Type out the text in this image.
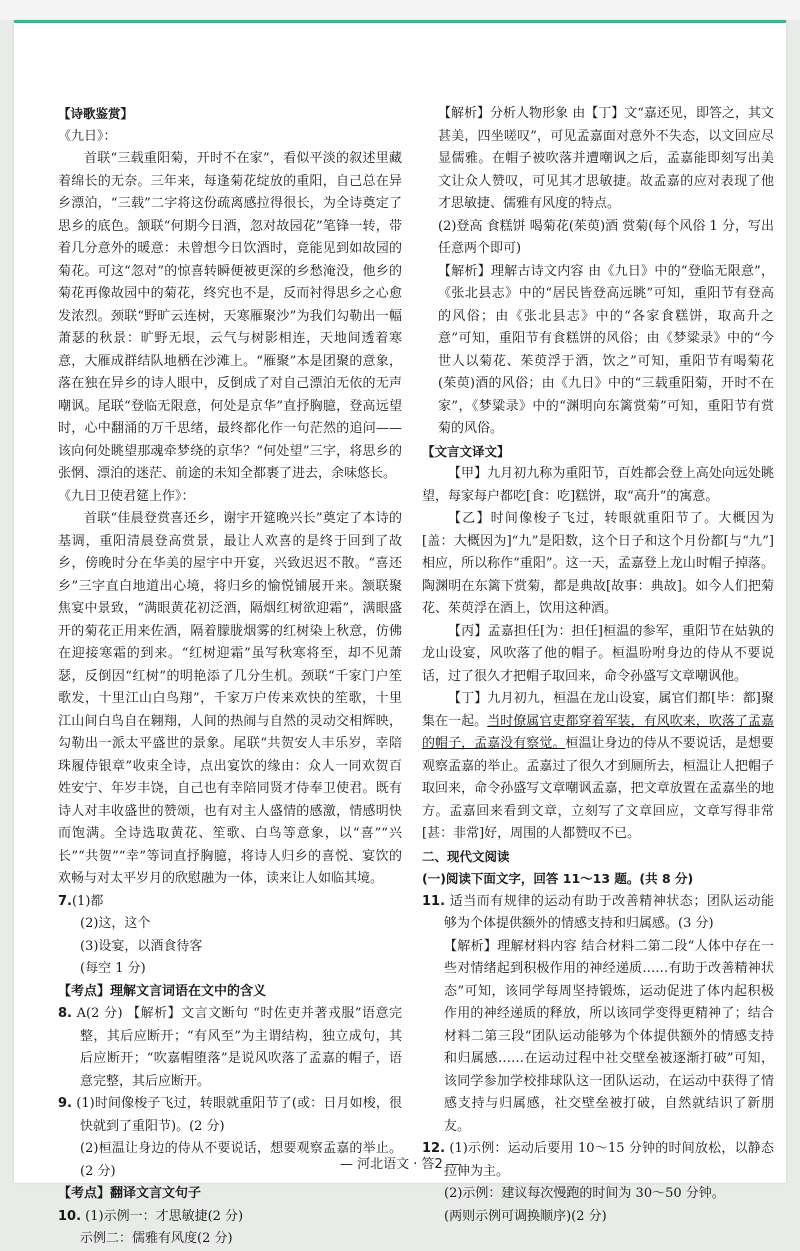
【诗歌鉴赏】

《九日》：

首联“三载重阳菊，开时不在家”，看似平淡的叙述里藏着绵长的无奈。三年来，每逢菊花绽放的重阳，自己总在异乡漂泊，“三载”二字将这份疏离感拉得很长，为全诗奠定了思乡的底色。颔联“何期今日酒，忽对故园花”笔锋一转，带着几分意外的暖意：未曾想今日饮酒时，竟能见到如故园的菊花。可这“忽对”的惊喜转瞬便被更深的乡愁淹没，他乡的菊花再像故园中的菊花，终究也不是，反而衬得思乡之心愈发浓烈。颈联“野旷云连树，天寒雁聚沙”为我们勾勒出一幅萧瑟的秋景：旷野无垠，云气与树影相连，天地间透着寒意，大雁成群结队地栖在沙滩上。“雁聚”本是团聚的意象，落在独在异乡的诗人眼中，反倒成了对自己漂泊无依的无声嘲讽。尾联“登临无限意，何处是京华”直抒胸臆，登高远望时，心中翻涌的万千思绪，最终都化作一句茫然的追问——该向何处眺望那魂牵梦绕的京华？“何处望”三字，将思乡的张惘、漂泊的迷茫、前途的未知全都裹了进去，余味悠长。

《九日卫使君筵上作》：

首联“佳晨登赏喜还乡，谢宇开筵晚兴长”奠定了本诗的基调，重阳清晨登高赏景，最让人欢喜的是终于回到了故乡，傍晚时分在华美的屋宇中开宴，兴致迟迟不散。“喜还乡”三字直白地道出心境，将归乡的愉悦铺展开来。颔联聚焦宴中景致，“满眼黄花初泛酒，隔烟红树欲迎霜”，满眼盛开的菊花正用来佐酒，隔着朦胧烟雾的红树染上秋意，仿佛在迎接寒霜的到来。“红树迎霜”虽写秋寒将至，却不见萧瑟，反倒因“红树”的明艳添了几分生机。颈联“千家门户笙歌发，十里江山白鸟翔”，千家万户传来欢快的笙歌，十里江山间白鸟自在翱翔，人间的热闹与自然的灵动交相辉映，勾勒出一派太平盛世的景象。尾联“共贺安人丰乐岁，幸陪珠履侍银章”收束全诗，点出宴饮的缘由：众人一同欢贺百姓安宁、年岁丰饶，自己也有幸陪同贤才侍奉卫使君。既有诗人对丰收盛世的赞颂，也有对主人盛情的感激，情感明快而饱满。全诗选取黄花、笙歌、白鸟等意象，以“喜”“兴长”“共贺”“幸”等词直抒胸臆，将诗人归乡的喜悦、宴饮的欢畅与对太平岁月的欣慰融为一体，读来让人如临其境。

7.(1)都

(2)这，这个

(3)设宴，以酒食待客

(每空 1 分)

【考点】理解文言词语在文中的含义

8. A(2 分) 【解析】文言文断句 “时佐吏并著戎服”语意完整，其后应断开；“有风至”为主谓结构，独立成句，其后应断开；“吹嘉帽堕落”是说风吹落了孟嘉的帽子，语意完整，其后应断开。

9. (1)时间像梭子飞过，转眼就重阳节了(或：日月如梭，很快就到了重阳节)。(2 分)

(2)桓温让身边的侍从不要说话，想要观察孟嘉的举止。(2 分)

【考点】翻译文言文句子

10. (1)示例一：才思敏捷(2 分)

示例二：儒雅有风度(2 分)

【解析】分析人物形象 由【丁】文“嘉还见，即答之，其文甚美，四坐嗟叹”，可见孟嘉面对意外不失态，以文回应尽显儒雅。在帽子被吹落并遭嘲讽之后，孟嘉能即刻写出美文让众人赞叹，可见其才思敏捷。故孟嘉的应对表现了他才思敏捷、儒雅有风度的特点。

(2)登高 食糕饼 喝菊花(茱萸)酒 赏菊(每个风俗 1 分，写出任意两个即可)

【解析】理解古诗文内容 由《九日》中的“登临无限意”，《张北县志》中的“居民皆登高远眺”可知，重阳节有登高的风俗；由《张北县志》中的“各家食糕饼，取高升之意”可知，重阳节有食糕饼的风俗；由《梦粱录》中的“今世人以菊花、茱萸浮于酒，饮之”可知，重阳节有喝菊花(茱萸)酒的风俗；由《九日》中的“三载重阳菊，开时不在家”，《梦粱录》中的“渊明向东篱赏菊”可知，重阳节有赏菊的风俗。

【文言文译文】

【甲】九月初九称为重阳节，百姓都会登上高处向远处眺望，每家每户都吃[食：吃]糕饼，取“高升”的寓意。

【乙】时间像梭子飞过，转眼就重阳节了。大概因为[盖：大概因为]“九”是阳数，这个日子和这个月份都[与“九”]相应，所以称作“重阳”。这一天，孟嘉登上龙山时帽子掉落。陶渊明在东篱下赏菊，都是典故[故事：典故]。如今人们把菊花、茱萸浮在酒上，饮用这种酒。

【丙】孟嘉担任[为：担任]桓温的参军，重阳节在姑孰的龙山设宴，风吹落了他的帽子。桓温吩咐身边的侍从不要说话，过了很久才把帽子取回来，命令孙盛写文章嘲讽他。

【丁】九月初九，桓温在龙山设宴，属官们都[毕：都]聚集在一起。当时僚属官吏都穿着军装，有风吹来，吹落了孟嘉的帽子，孟嘉没有察觉。桓温让身边的侍从不要说话，是想要观察孟嘉的举止。孟嘉过了很久才到厕所去，桓温让人把帽子取回来，命令孙盛写文章嘲讽孟嘉，把文章放置在孟嘉坐的地方。孟嘉回来看到文章，立刻写了文章回应，文章写得非常[甚：非常]好，周围的人都赞叹不已。

二、现代文阅读

(一)阅读下面文字，回答 11～13 题。(共 8 分)

11. 适当而有规律的运动有助于改善精神状态；团队运动能够为个体提供额外的情感支持和归属感。(3 分)

【解析】理解材料内容 结合材料二第二段“人体中存在一些对情绪起到积极作用的神经递质……有助于改善精神状态”可知，该同学每周坚持锻炼，运动促进了体内起积极作用的神经递质的释放，所以该同学变得更精神了；结合材料二第三段“团队运动能够为个体提供额外的情感支持和归属感……在运动过程中社交壁垒被逐渐打破”可知，该同学参加学校排球队这一团队运动，在运动中获得了情感支持与归属感，社交壁垒被打破，自然就结识了新朋友。

12. (1)示例：运动后要用 10～15 分钟的时间放松，以静态拉伸为主。

(2)示例：建议每次慢跑的时间为 30～50 分钟。

(两则示例可调换顺序)(2 分)

— 河北语文 · 答2 —
